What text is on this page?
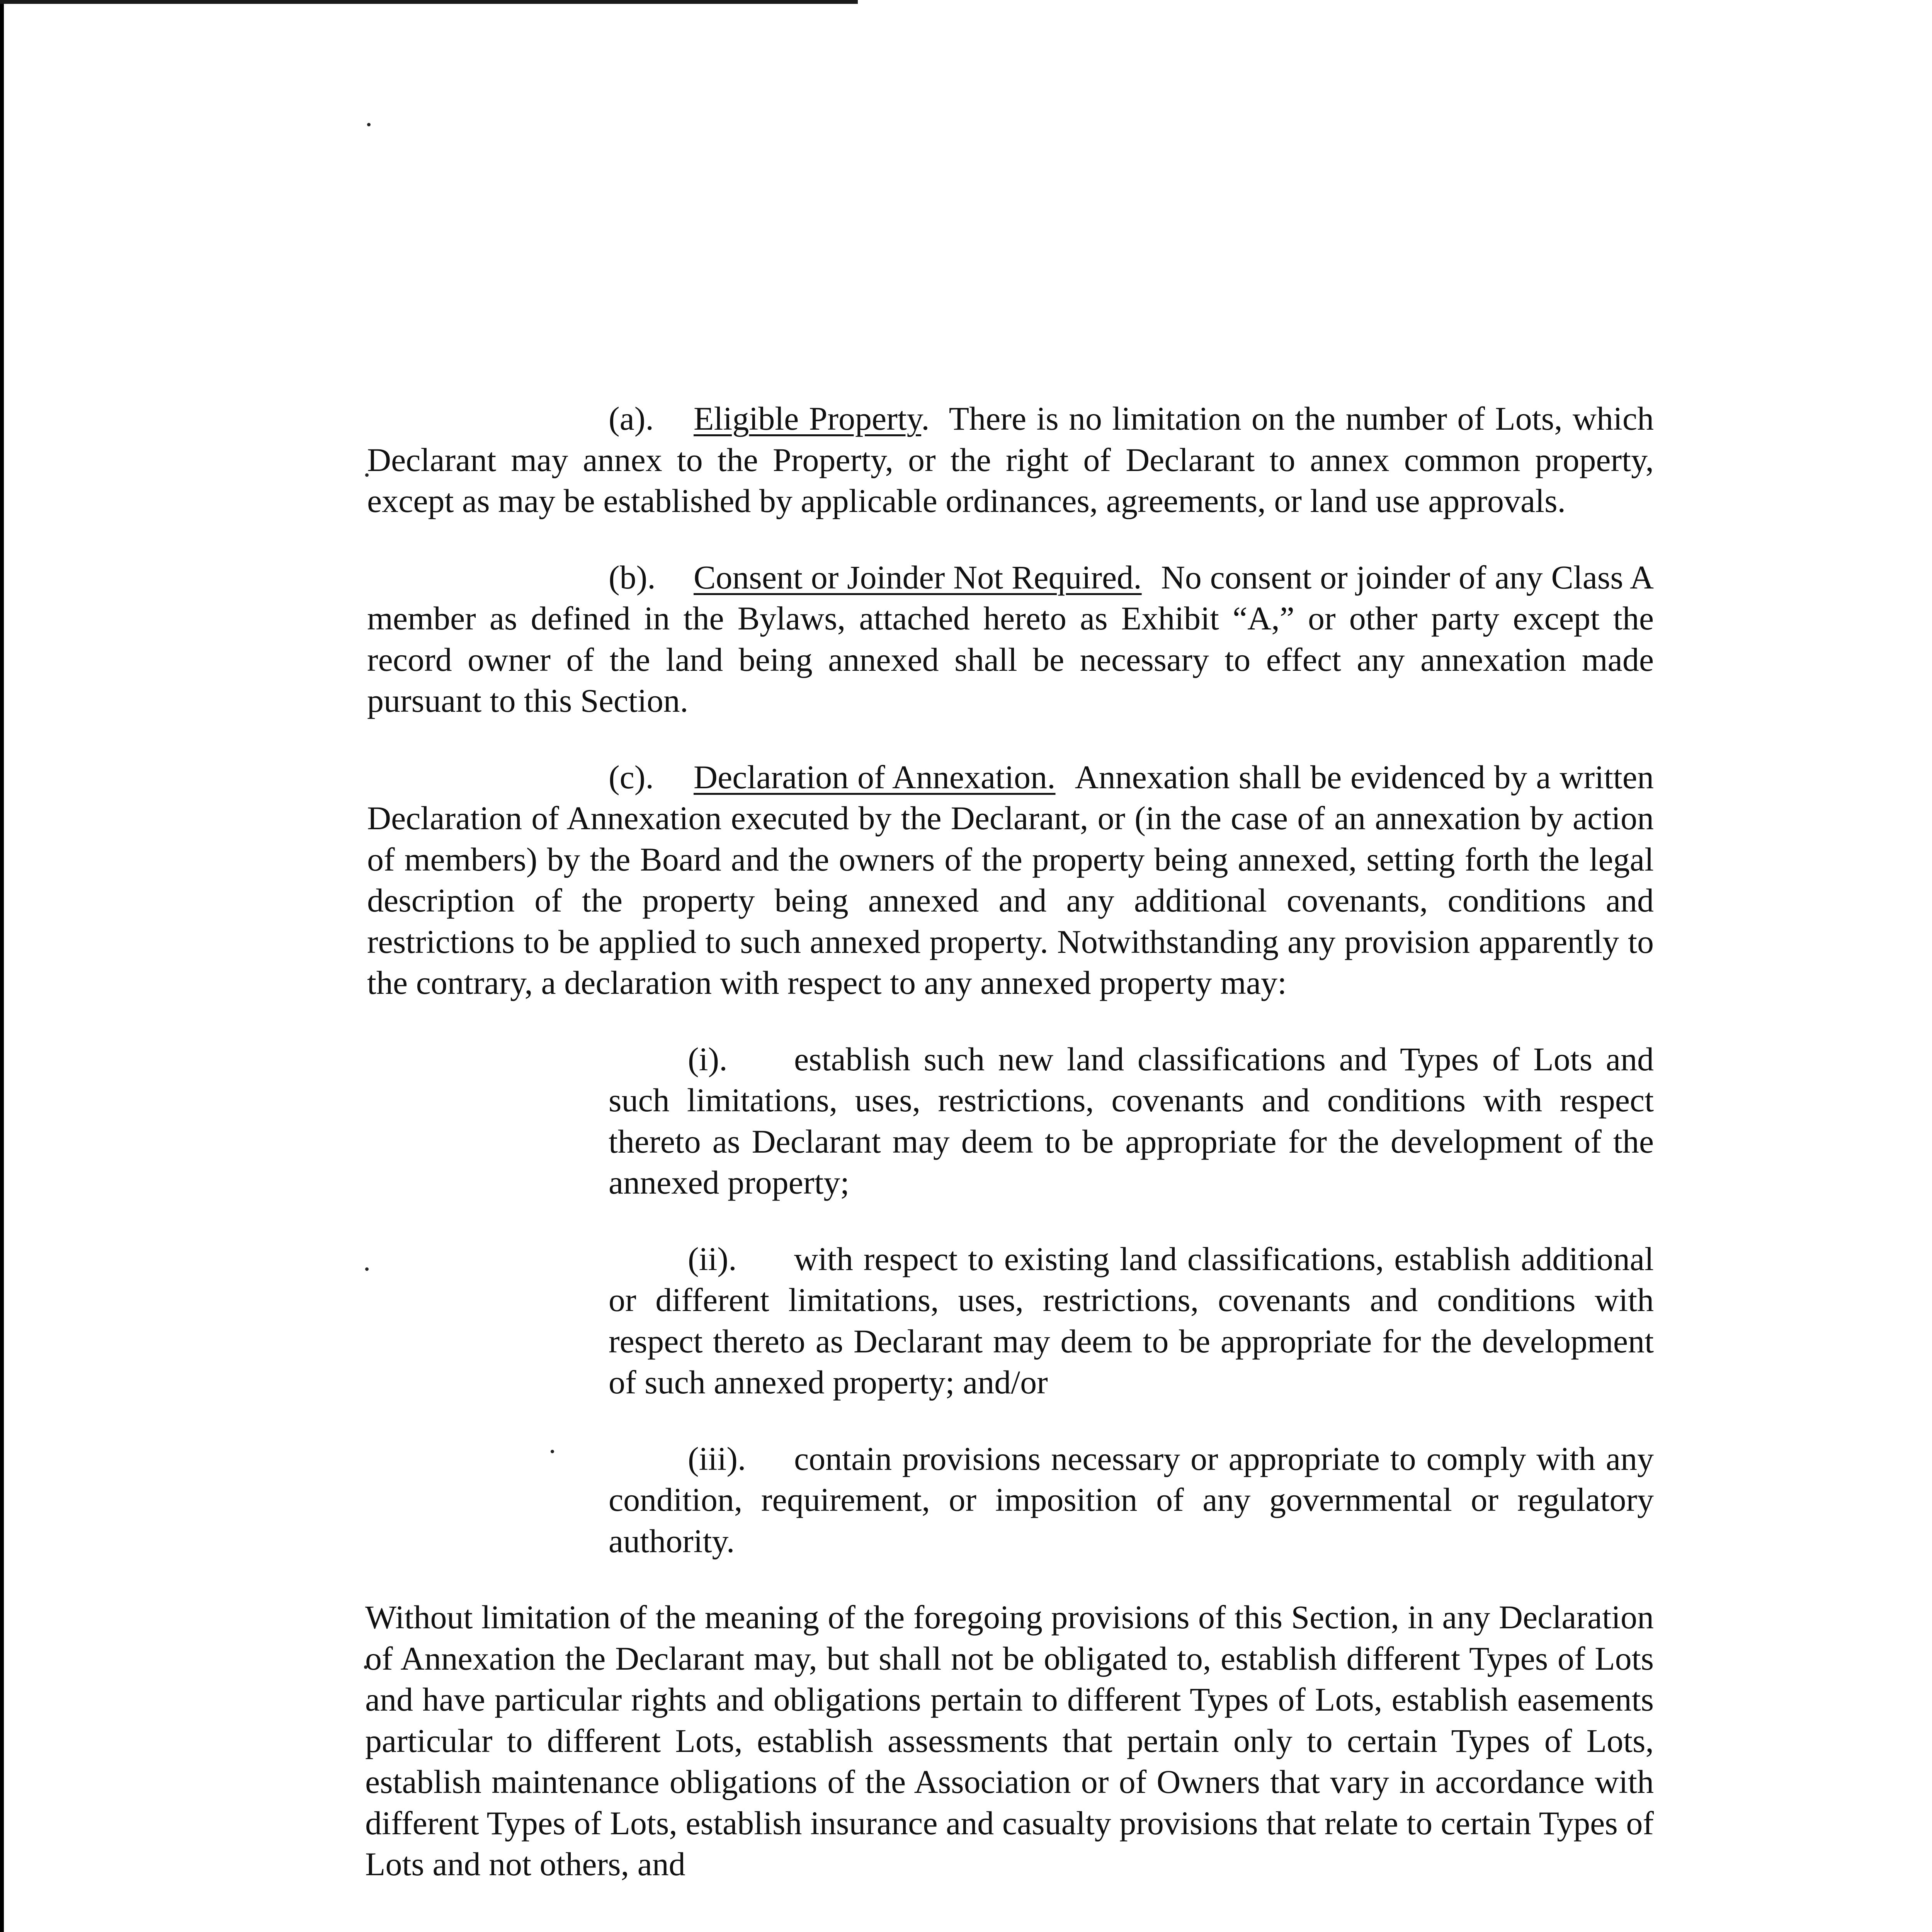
(a). Eligible Property. There is no limitation on the number of Lots, which Declarant may annex to the Property, or the right of Declarant to annex common property, except as may be established by applicable ordinances, agreements, or land use approvals.

(b). Consent or Joinder Not Required. No consent or joinder of any Class A member as defined in the Bylaws, attached hereto as Exhibit “A,” or other party except the record owner of the land being annexed shall be necessary to effect any annexation made pursuant to this Section.

(c). Declaration of Annexation. Annexation shall be evidenced by a written Declaration of Annexation executed by the Declarant, or (in the case of an annexation by action of members) by the Board and the owners of the property being annexed, setting forth the legal description of the property being annexed and any additional covenants, conditions and restrictions to be applied to such annexed property. Notwithstanding any provision apparently to the contrary, a declaration with respect to any annexed property may:

(i). establish such new land classifications and Types of Lots and such limitations, uses, restrictions, covenants and conditions with respect thereto as Declarant may deem to be appropriate for the development of the annexed property;

(ii). with respect to existing land classifications, establish additional or different limitations, uses, restrictions, covenants and conditions with respect thereto as Declarant may deem to be appropriate for the development of such annexed property; and/or

(iii). contain provisions necessary or appropriate to comply with any condition, requirement, or imposition of any governmental or regulatory authority.

Without limitation of the meaning of the foregoing provisions of this Section, in any Declaration of Annexation the Declarant may, but shall not be obligated to, establish different Types of Lots and have particular rights and obligations pertain to different Types of Lots, establish easements particular to different Lots, establish assessments that pertain only to certain Types of Lots, establish maintenance obligations of the Association or of Owners that vary in accordance with different Types of Lots, establish insurance and casualty provisions that relate to certain Types of Lots and not others, and
